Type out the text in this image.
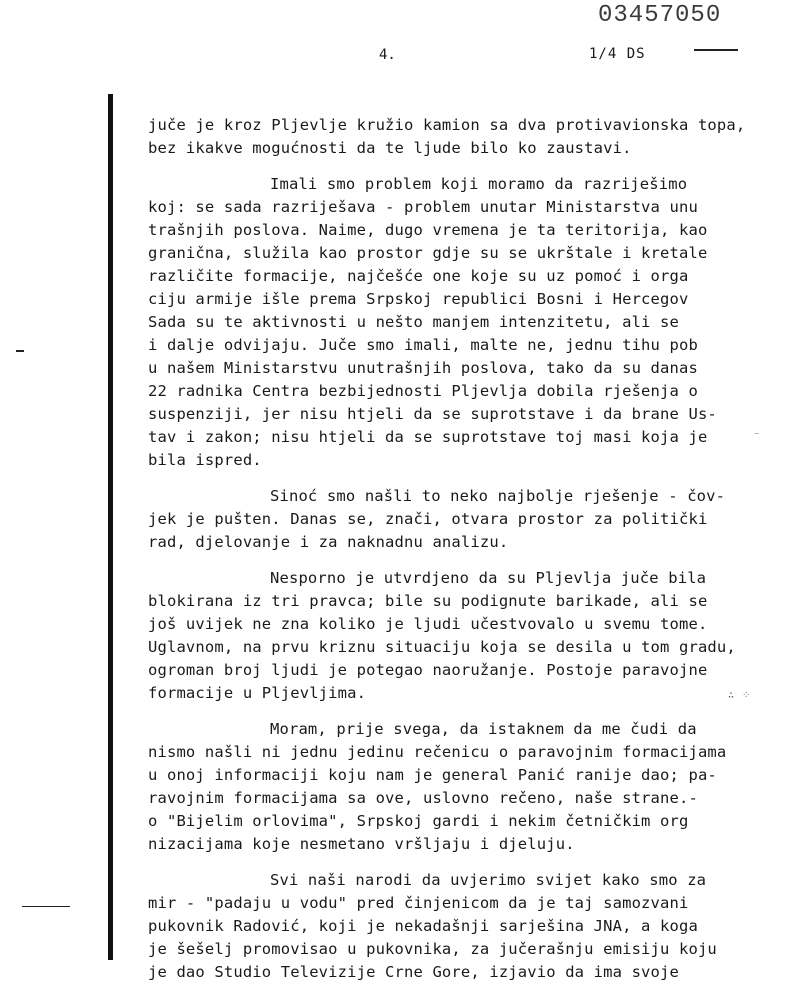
03457050
4.	1/4 DS
∴ ⁘
﹣
juče je kroz Pljevlje kružio kamion sa dva protivavionska topa,
bez ikakve mogućnosti da te ljude bilo ko zaustavi.
Imali smo problem koji moramo da razriješimo
koj: se sada razriješava - problem unutar Ministarstva unu
trašnjih poslova. Naime, dugo vremena je ta teritorija, kao
granična, služila kao prostor gdje su se ukrštale i kretale
različite formacije, najčešće one koje su uz pomoć i orga
ciju armije išle prema Srpskoj republici Bosni i Hercegov
Sada su te aktivnosti u nešto manjem intenzitetu, ali se
i dalje odvijaju. Juče smo imali, malte ne, jednu tihu pob
u našem Ministarstvu unutrašnjih poslova, tako da su danas
22 radnika Centra bezbijednosti Pljevlja dobila rješenja o
suspenziji, jer nisu htjeli da se suprotstave i da brane Us-
tav i zakon; nisu htjeli da se suprotstave toj masi koja je
bila ispred.
Sinoć smo našli to neko najbolje rješenje - čov-
jek je pušten. Danas se, znači, otvara prostor za politički
rad, djelovanje i za naknadnu analizu.
Nesporno je utvrdjeno da su Pljevlja juče bila
blokirana iz tri pravca; bile su podignute barikade, ali se
još uvijek ne zna koliko je ljudi učestvovalo u svemu tome.
Uglavnom, na prvu kriznu situaciju koja se desila u tom gradu,
ogroman broj ljudi je potegao naoružanje. Postoje paravojne
formacije u Pljevljima.
Moram, prije svega, da istaknem da me čudi da
nismo našli ni jednu jedinu rečenicu o paravojnim formacijama
u onoj informaciji koju nam je general Panić ranije dao; pa-
ravojnim formacijama sa ove, uslovno rečeno, naše strane.-
o "Bijelim orlovima", Srpskoj gardi i nekim četničkim org
nizacijama koje nesmetano vršljaju i djeluju.
Svi naši narodi da uvjerimo svijet kako smo za
mir - "padaju u vodu" pred činjenicom da je taj samozvani
pukovnik Radović, koji je nekadašnji sarješina JNA, a koga
je šešelj promovisao u pukovnika, za jučerašnju emisiju koju
je dao Studio Televizije Crne Gore, izjavio da ima svoje
